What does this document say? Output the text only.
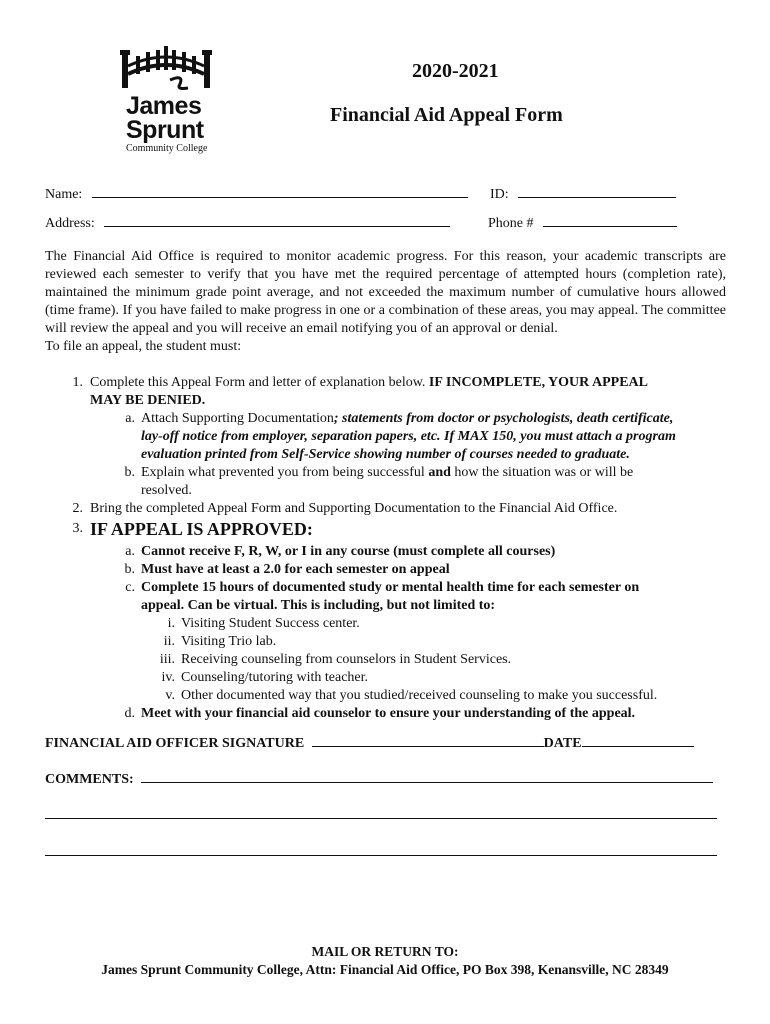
James
Sprunt
Community College
2020-2021
Financial Aid Appeal Form
Name:	ID:
Address:	Phone #
The Financial Aid Office is required to monitor academic progress. For this reason, your academic transcripts are reviewed each semester to verify that you have met the required percentage of attempted hours (completion rate), maintained the minimum grade point average, and not exceeded the maximum number of cumulative hours allowed (time frame). If you have failed to make progress in one or a combination of these areas, you may appeal. The committee will review the appeal and you will receive an email notifying you of an approval or denial.
To file an appeal, the student must:
1. Complete this Appeal Form and letter of explanation below. IF INCOMPLETE, YOUR APPEAL
MAY BE DENIED.
a. Attach Supporting Documentation; statements from doctor or psychologists, death certificate,
lay-off notice from employer, separation papers, etc. If MAX 150, you must attach a program
evaluation printed from Self-Service showing number of courses needed to graduate.
b. Explain what prevented you from being successful and how the situation was or will be
resolved.
2. Bring the completed Appeal Form and Supporting Documentation to the Financial Aid Office.
3. IF APPEAL IS APPROVED:
a. Cannot receive F, R, W, or I in any course (must complete all courses)
b. Must have at least a 2.0 for each semester on appeal
c. Complete 15 hours of documented study or mental health time for each semester on
appeal. Can be virtual. This is including, but not limited to:
i. Visiting Student Success center.
ii. Visiting Trio lab.
iii. Receiving counseling from counselors in Student Services.
iv. Counseling/tutoring with teacher.
v. Other documented way that you studied/received counseling to make you successful.
d. Meet with your financial aid counselor to ensure your understanding of the appeal.
FINANCIAL AID OFFICER SIGNATURE	DATE
COMMENTS:
MAIL OR RETURN TO:
James Sprunt Community College, Attn: Financial Aid Office, PO Box 398, Kenansville, NC 28349
